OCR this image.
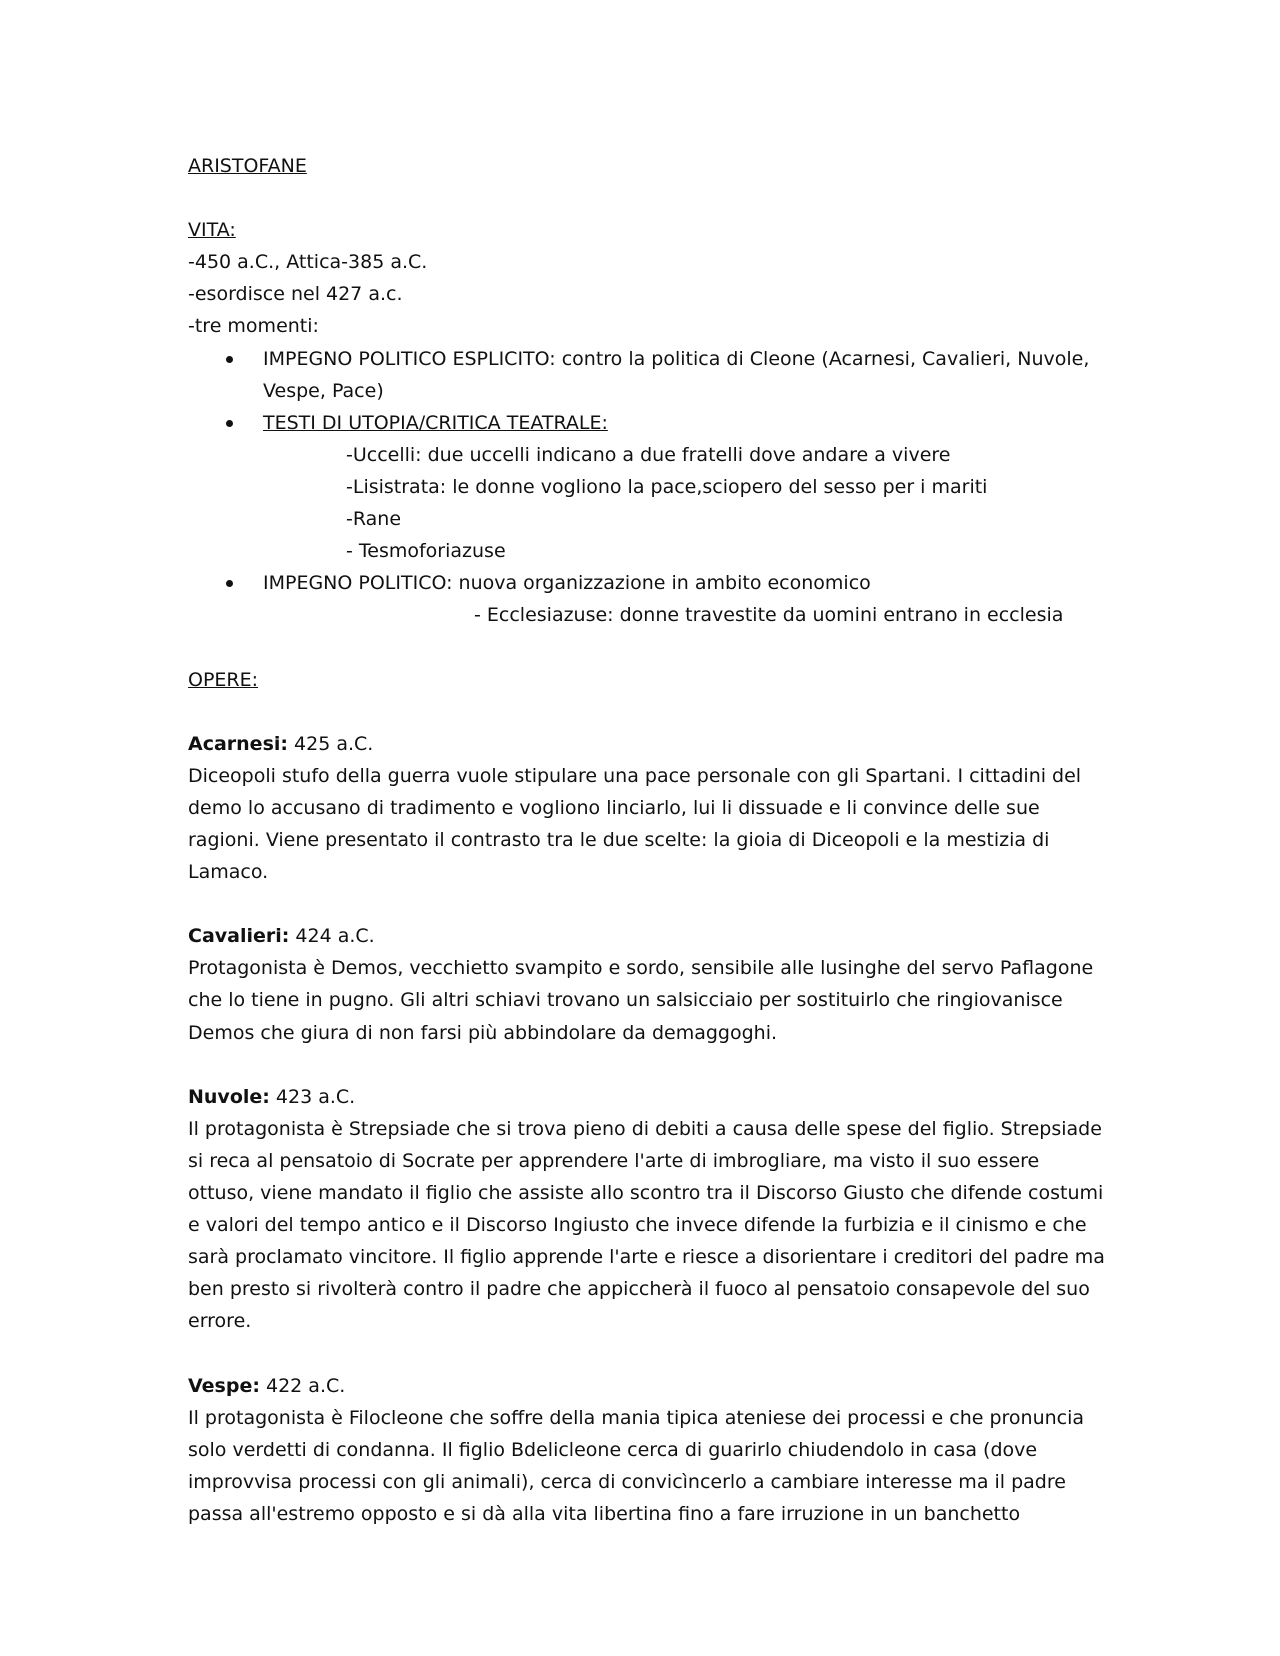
ARISTOFANE
VITA:
-450 a.C., Attica-385 a.C.
-esordisce nel 427 a.c.
-tre momenti:
IMPEGNO POLITICO ESPLICITO: contro la politica di Cleone (Acarnesi, Cavalieri, Nuvole, Vespe, Pace)
TESTI DI UTOPIA/CRITICA TEATRALE:
-Uccelli: due uccelli indicano a due fratelli dove andare a vivere
-Lisistrata: le donne vogliono la pace,sciopero del sesso per i mariti
-Rane
- Tesmoforiazuse
IMPEGNO POLITICO: nuova organizzazione in ambito economico
- Ecclesiazuse: donne travestite da uomini entrano in ecclesia
OPERE:
Acarnesi: 425 a.C.
Diceopoli stufo della guerra vuole stipulare una pace personale con gli Spartani. I cittadini del demo lo accusano di tradimento e vogliono linciarlo, lui li dissuade e li convince delle sue ragioni. Viene presentato il contrasto tra le due scelte: la gioia di Diceopoli e la mestizia di Lamaco.
Cavalieri: 424 a.C.
Protagonista è Demos, vecchietto svampito e sordo, sensibile alle lusinghe del servo Paflagone che lo tiene in pugno. Gli altri schiavi trovano un salsicciaio per sostituirlo che ringiovanisce Demos che giura di non farsi più abbindolare da demaggoghi.
Nuvole: 423 a.C.
Il protagonista è Strepsiade che si trova pieno di debiti a causa delle spese del figlio. Strepsiade si reca al pensatoio di Socrate per apprendere l'arte di imbrogliare, ma visto il suo essere ottuso, viene mandato il figlio che assiste allo scontro tra il Discorso Giusto che difende costumi e valori del tempo antico e il Discorso Ingiusto che invece difende la furbizia e il cinismo e che sarà proclamato vincitore. Il figlio apprende l'arte e riesce a disorientare i creditori del padre ma ben presto si rivolterà contro il padre che appiccherà il fuoco al pensatoio consapevole del suo errore.
Vespe: 422 a.C.
Il protagonista è Filocleone che soffre della mania tipica ateniese dei processi e che pronuncia solo verdetti di condanna. Il figlio Bdelicleone cerca di guarirlo chiudendolo in casa (dove improvvisa processi con gli animali), cerca di convicìncerlo a cambiare interesse ma il padre passa all'estremo opposto e si dà alla vita libertina fino a fare irruzione in un banchetto
